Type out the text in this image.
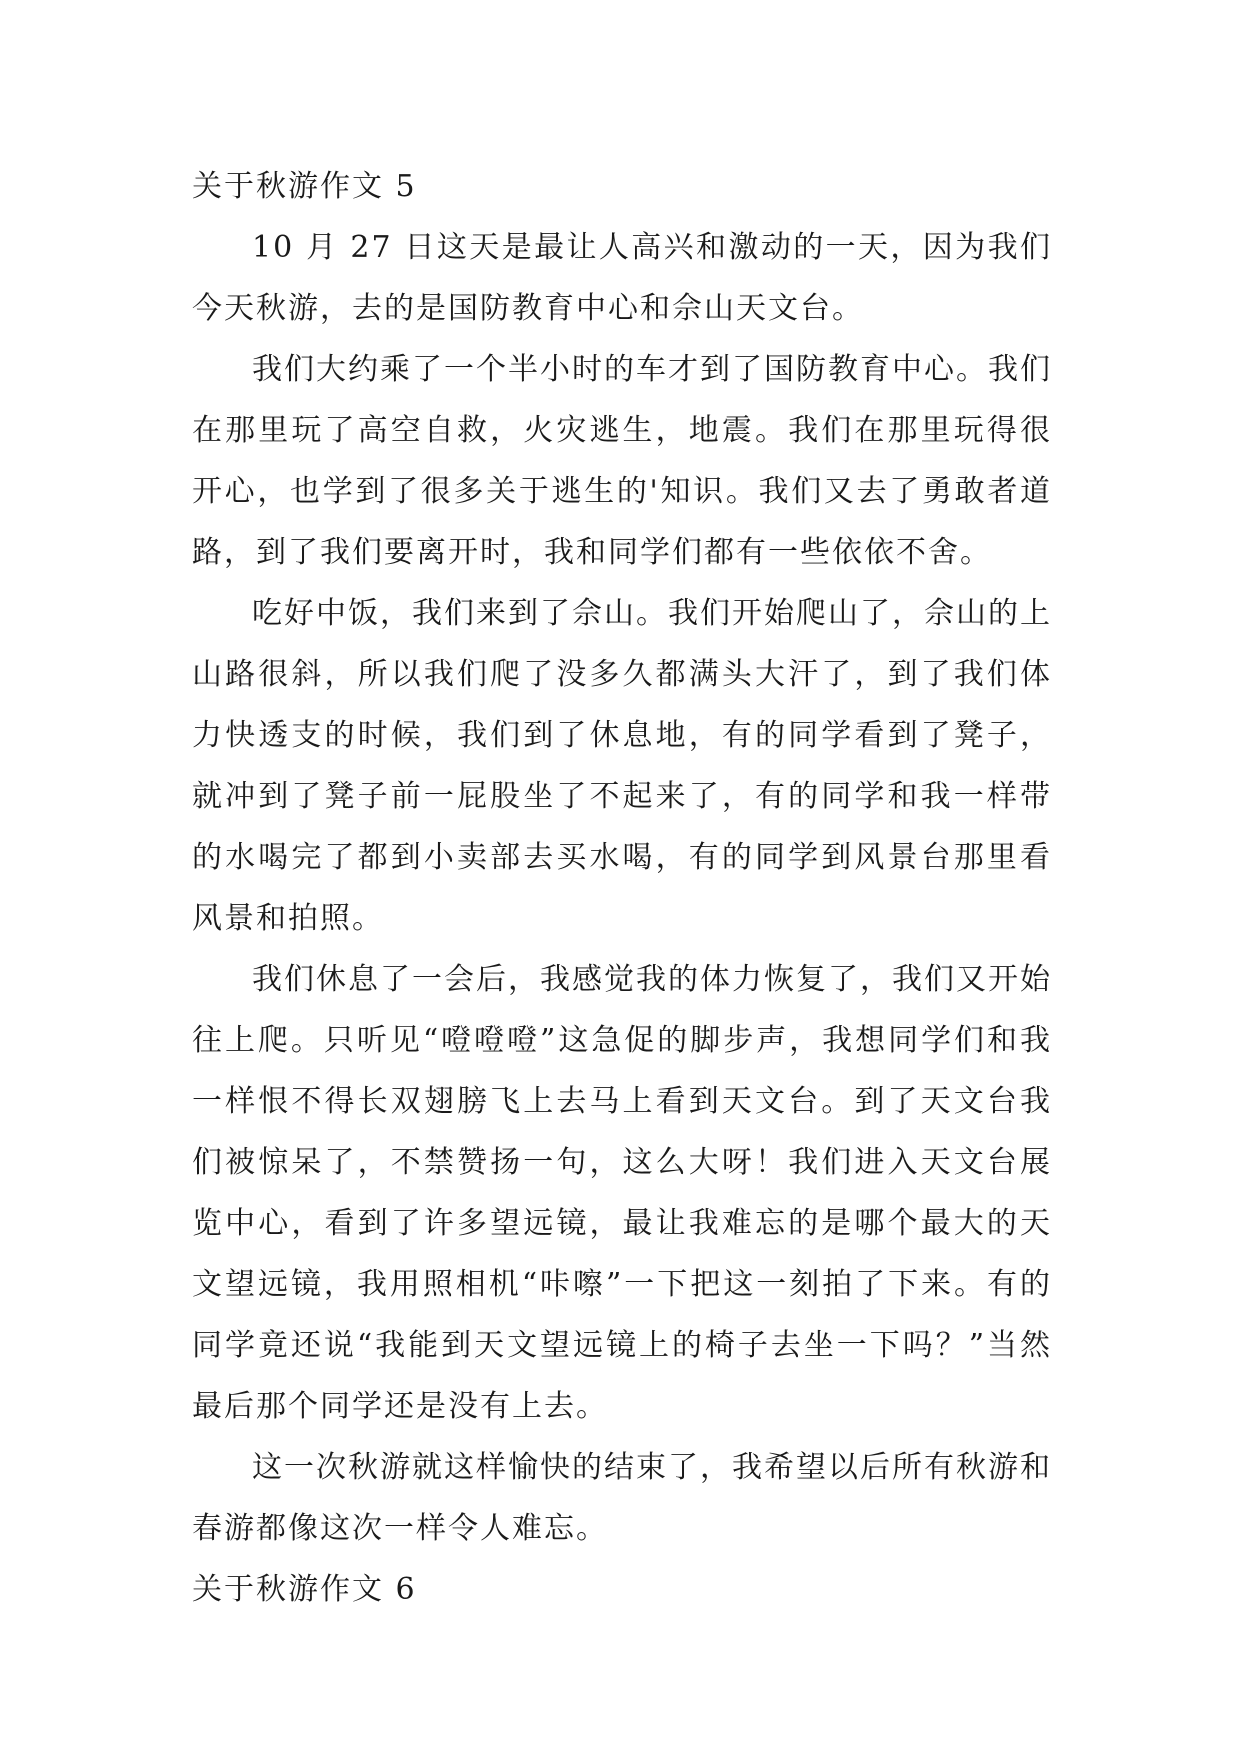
关于秋游作文 5

10 月 27 日这天是最让人高兴和激动的一天，因为我们今天秋游，去的是国防教育中心和佘山天文台。

我们大约乘了一个半小时的车才到了国防教育中心。我们在那里玩了高空自救，火灾逃生，地震。我们在那里玩得很开心，也学到了很多关于逃生的'知识。我们又去了勇敢者道路，到了我们要离开时，我和同学们都有一些依依不舍。

吃好中饭，我们来到了佘山。我们开始爬山了，佘山的上山路很斜，所以我们爬了没多久都满头大汗了，到了我们体力快透支的时候，我们到了休息地，有的同学看到了凳子，就冲到了凳子前一屁股坐了不起来了，有的同学和我一样带的水喝完了都到小卖部去买水喝，有的同学到风景台那里看风景和拍照。

我们休息了一会后，我感觉我的体力恢复了，我们又开始往上爬。只听见“噔噔噔”这急促的脚步声，我想同学们和我一样恨不得长双翅膀飞上去马上看到天文台。到了天文台我们被惊呆了，不禁赞扬一句，这么大呀！我们进入天文台展览中心，看到了许多望远镜，最让我难忘的是哪个最大的天文望远镜，我用照相机“咔嚓”一下把这一刻拍了下来。有的同学竟还说“我能到天文望远镜上的椅子去坐一下吗？”当然最后那个同学还是没有上去。

这一次秋游就这样愉快的结束了，我希望以后所有秋游和春游都像这次一样令人难忘。

关于秋游作文 6
